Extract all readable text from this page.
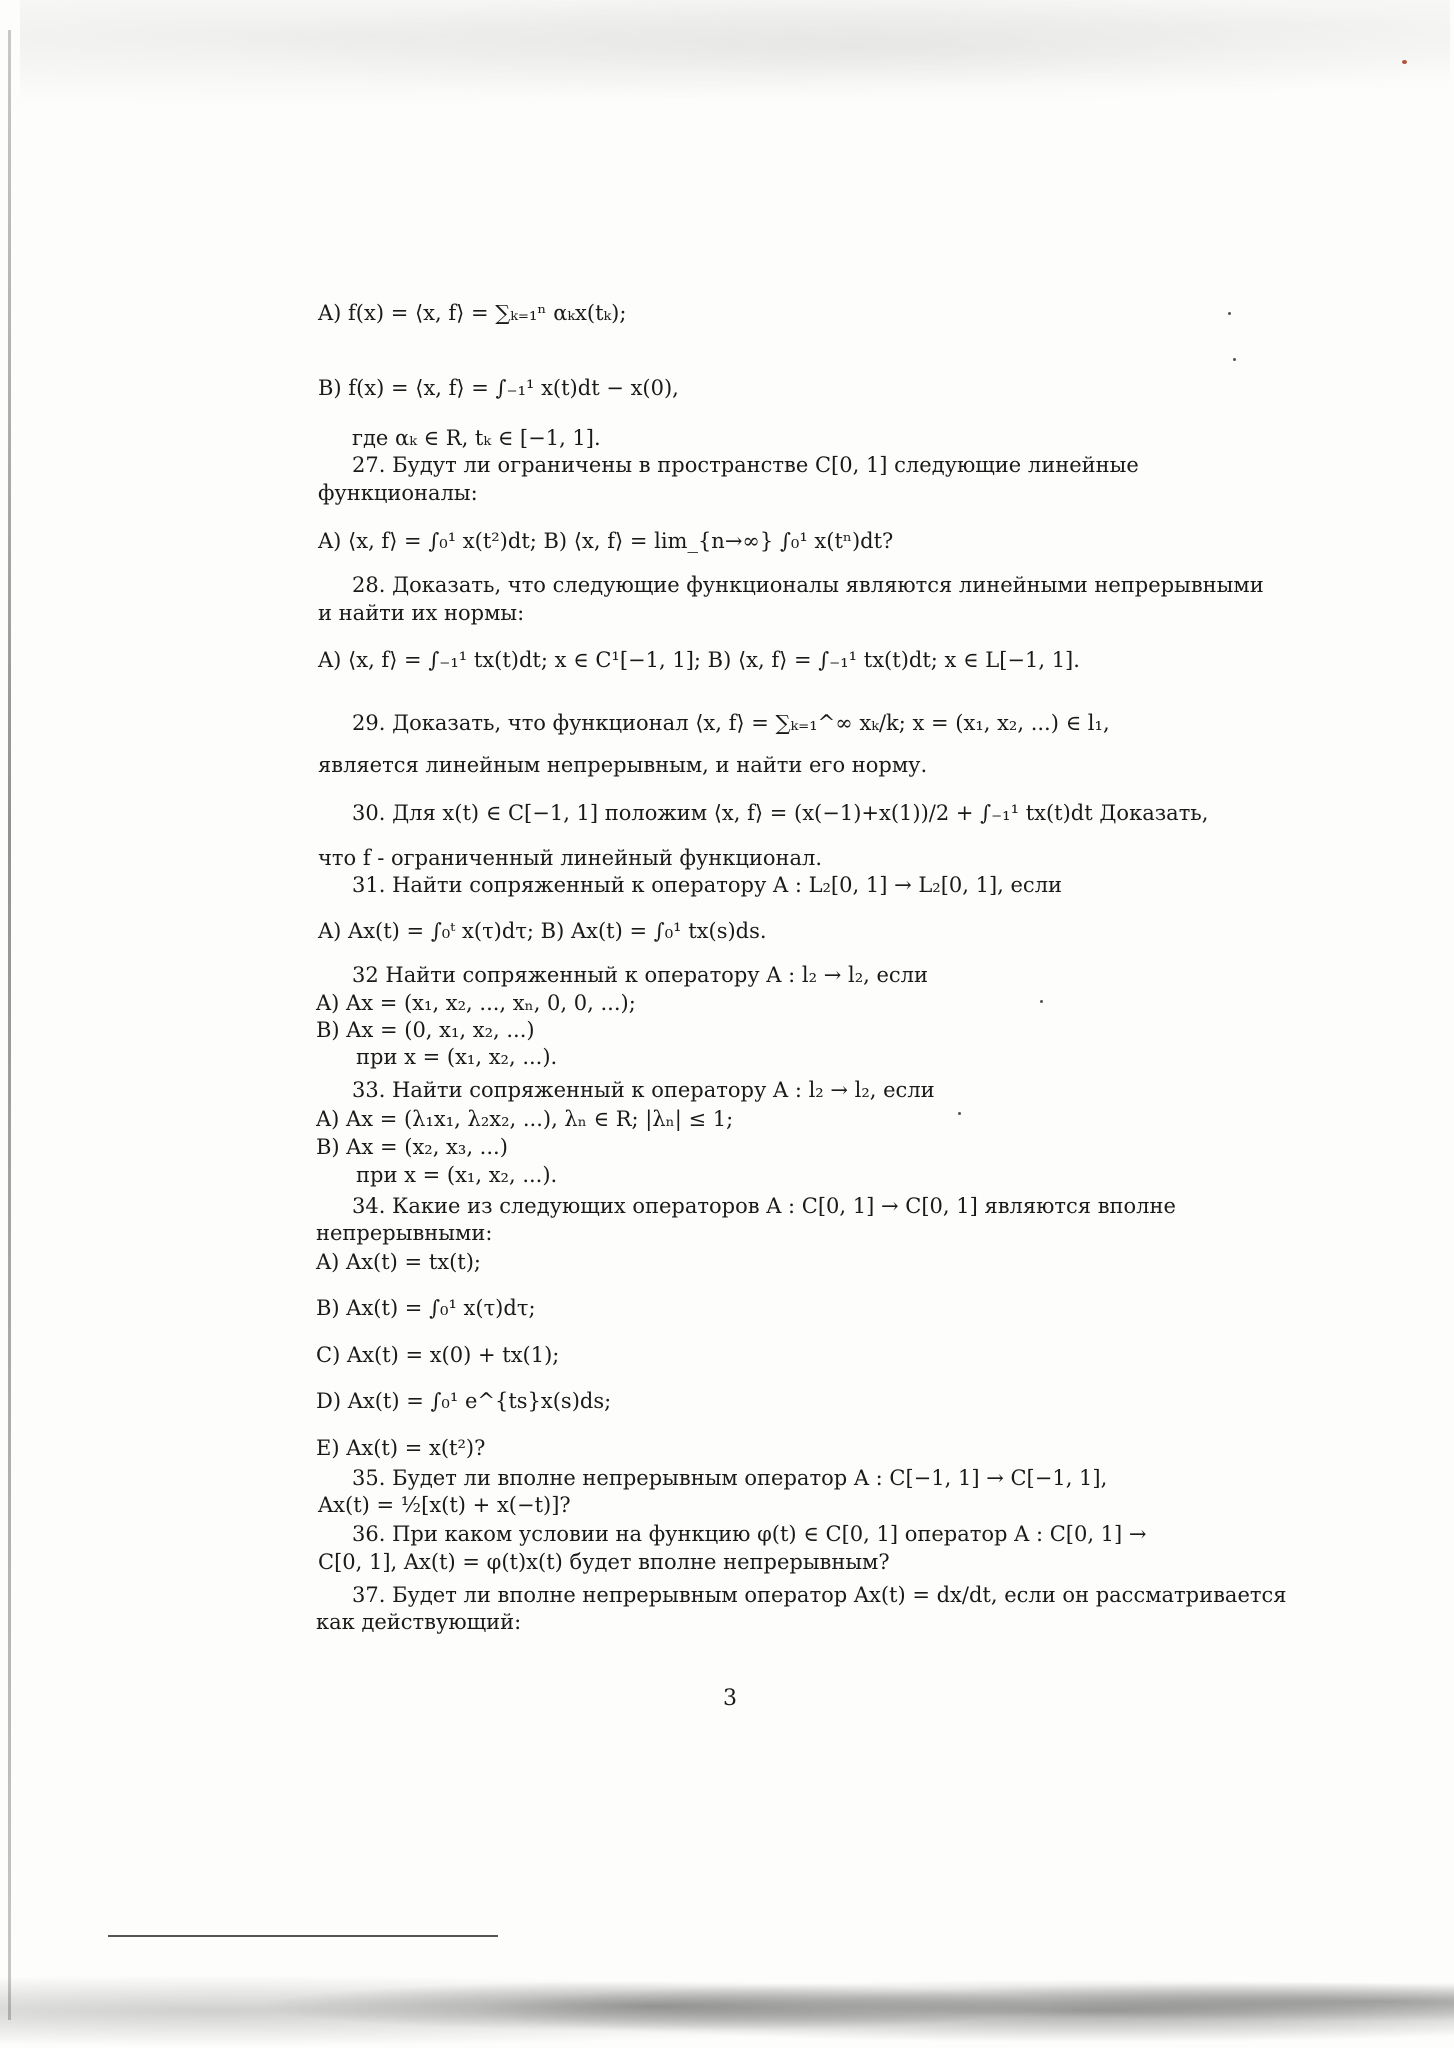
A) f(x) = ⟨x, f⟩ = ∑ₖ₌₁ⁿ αₖx(tₖ);
B) f(x) = ⟨x, f⟩ = ∫₋₁¹ x(t)dt − x(0),
где αₖ ∈ R, tₖ ∈ [−1, 1].
27. Будут ли ограничены в пространстве C[0, 1] следующие линейные
функционалы:
A) ⟨x, f⟩ = ∫₀¹ x(t²)dt; B) ⟨x, f⟩ = lim_{n→∞} ∫₀¹ x(tⁿ)dt?
28. Доказать, что следующие функционалы являются линейными непрерывными
и найти их нормы:
A) ⟨x, f⟩ = ∫₋₁¹ tx(t)dt; x ∈ C¹[−1, 1]; B) ⟨x, f⟩ = ∫₋₁¹ tx(t)dt; x ∈ L[−1, 1].
29. Доказать, что функционал ⟨x, f⟩ = ∑ₖ₌₁^∞ xₖ/k; x = (x₁, x₂, ...) ∈ l₁,
является линейным непрерывным, и найти его норму.
30. Для x(t) ∈ C[−1, 1] положим ⟨x, f⟩ = (x(−1)+x(1))/2 + ∫₋₁¹ tx(t)dt Доказать,
что f - ограниченный линейный функционал.
31. Найти сопряженный к оператору A : L₂[0, 1] → L₂[0, 1], если
A) Ax(t) = ∫₀ᵗ x(τ)dτ; B) Ax(t) = ∫₀¹ tx(s)ds.
32 Найти сопряженный к оператору A : l₂ → l₂, если
A) Ax = (x₁, x₂, ..., xₙ, 0, 0, ...);
B) Ax = (0, x₁, x₂, ...)
при x = (x₁, x₂, ...).
33. Найти сопряженный к оператору A : l₂ → l₂, если
A) Ax = (λ₁x₁, λ₂x₂, ...), λₙ ∈ R; |λₙ| ≤ 1;
B) Ax = (x₂, x₃, ...)
при x = (x₁, x₂, ...).
34. Какие из следующих операторов A : C[0, 1] → C[0, 1] являются вполне
непрерывными:
A) Ax(t) = tx(t);
B) Ax(t) = ∫₀¹ x(τ)dτ;
C) Ax(t) = x(0) + tx(1);
D) Ax(t) = ∫₀¹ e^{ts}x(s)ds;
E) Ax(t) = x(t²)?
35. Будет ли вполне непрерывным оператор A : C[−1, 1] → C[−1, 1],
Ax(t) = ½[x(t) + x(−t)]?
36. При каком условии на функцию φ(t) ∈ C[0, 1] оператор A : C[0, 1] →
C[0, 1], Ax(t) = φ(t)x(t) будет вполне непрерывным?
37. Будет ли вполне непрерывным оператор Ax(t) = dx/dt, если он рассматривается
как действующий:
3
